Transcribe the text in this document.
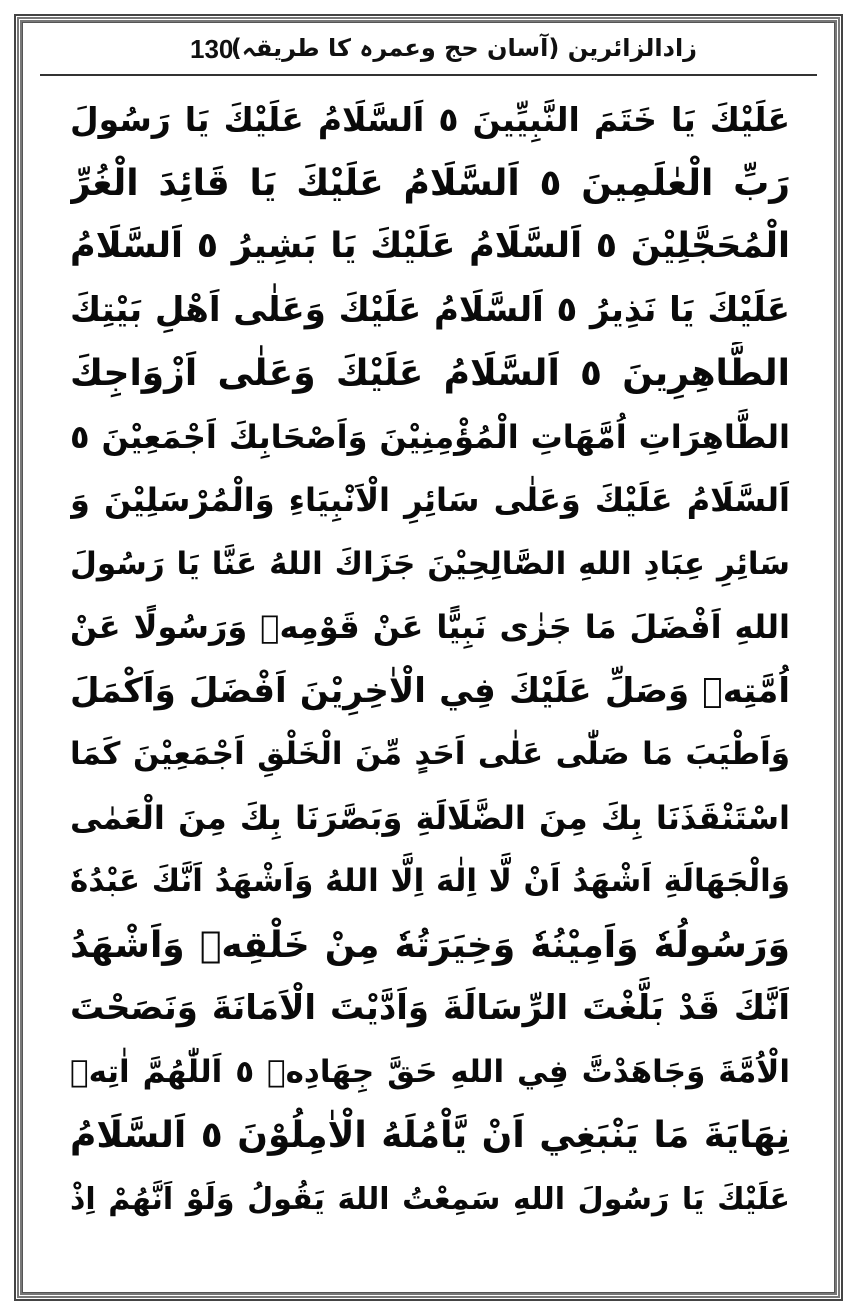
130
زادالزائرین (آسان حج وعمرہ کا طریقہ)
عَلَيْكَ يَا خَتَمَ النَّبِيِّينَ ٥ اَلسَّلَامُ عَلَيْكَ يَا رَسُولَ
رَبِّ الْعٰلَمِينَ ٥ اَلسَّلَامُ عَلَيْكَ يَا قَائِدَ الْغُرِّ
الْمُحَجَّلِيْنَ ٥ اَلسَّلَامُ عَلَيْكَ يَا بَشِيرُ ٥ اَلسَّلَامُ
عَلَيْكَ يَا نَذِيرُ ٥ اَلسَّلَامُ عَلَيْكَ وَعَلٰى اَهْلِ بَيْتِكَ
الطَّاهِرِينَ ٥ اَلسَّلَامُ عَلَيْكَ وَعَلٰى اَزْوَاجِكَ
الطَّاهِرَاتِ اُمَّهَاتِ الْمُؤْمِنِيْنَ وَاَصْحَابِكَ اَجْمَعِيْنَ ٥
اَلسَّلَامُ عَلَيْكَ وَعَلٰى سَائِرِ الْاَنْبِيَاءِ وَالْمُرْسَلِيْنَ وَ
سَائِرِ عِبَادِ اللهِ الصَّالِحِيْنَ جَزَاكَ اللهُ عَنَّا يَا رَسُولَ
اللهِ اَفْضَلَ مَا جَزٰى نَبِيًّا عَنْ قَوْمِهٖ وَرَسُولًا عَنْ
اُمَّتِهٖ وَصَلِّ عَلَيْكَ فِي الْاٰخِرِيْنَ اَفْضَلَ وَاَكْمَلَ
وَاَطْيَبَ مَا صَلّٰى عَلٰى اَحَدٍ مِّنَ الْخَلْقِ اَجْمَعِيْنَ كَمَا
اسْتَنْقَذَنَا بِكَ مِنَ الضَّلَالَةِ وَبَصَّرَنَا بِكَ مِنَ الْعَمٰى
وَالْجَهَالَةِ اَشْهَدُ اَنْ لَّا اِلٰهَ اِلَّا اللهُ وَاَشْهَدُ اَنَّكَ عَبْدُهٗ
وَرَسُولُهٗ وَاَمِيْنُهٗ وَخِيَرَتُهٗ مِنْ خَلْقِهٖ وَاَشْهَدُ
اَنَّكَ قَدْ بَلَّغْتَ الرِّسَالَةَ وَاَدَّيْتَ الْاَمَانَةَ وَنَصَحْتَ
الْاُمَّةَ وَجَاهَدْتَّ فِي اللهِ حَقَّ جِهَادِهٖ ٥ اَللّٰهُمَّ اٰتِهٖ
نِهَايَةَ مَا يَنْبَغِي اَنْ يَّاْمُلَهُ الْاٰمِلُوْنَ ٥ اَلسَّلَامُ
عَلَيْكَ يَا رَسُولَ اللهِ سَمِعْتُ اللهَ يَقُولُ وَلَوْ اَنَّهُمْ اِذْ
